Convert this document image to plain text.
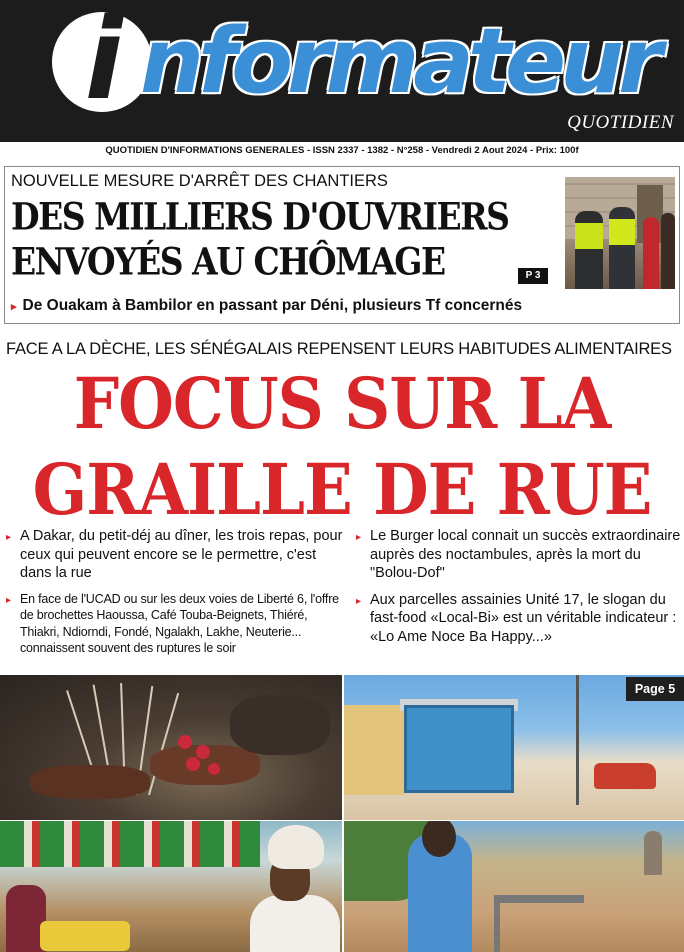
i nformateur
QUOTIDIEN
QUOTIDIEN D'INFORMATIONS GENERALES - ISSN 2337 - 1382 - N°258 - Vendredi 2 Aout 2024 - Prix: 100f
NOUVELLE MESURE D'ARRÊT DES CHANTIERS
DES MILLIERS D'OUVRIERS ENVOYÉS AU CHÔMAGE	P 3
▸ De Ouakam à Bambilor en passant par Déni, plusieurs Tf concernés
FACE A LA DÈCHE, LES SÉNÉGALAIS REPENSENT LEURS HABITUDES ALIMENTAIRES
FOCUS SUR LA GRAILLE DE RUE
▸ A Dakar, du petit-déj au dîner, les trois repas, pour ceux qui peuvent encore se le permettre, c'est dans la rue
▸ En face de l'UCAD ou sur les deux voies de Liberté 6, l'offre de brochettes Haoussa, Café Touba-Beignets, Thiéré, Thiakri, Ndiorndi, Fondé, Ngalakh, Lakhe, Neuterie... connaissent souvent des ruptures le soir
▸ Le Burger local connait un succès extraordinaire auprès des noctambules, après la mort du "Bolou-Dof"
▸ Aux parcelles assainies Unité 17, le slogan du fast-food «Local-Bi» est un véritable indicateur : «Lo Ame Noce Ba Happy...»
Page 5
